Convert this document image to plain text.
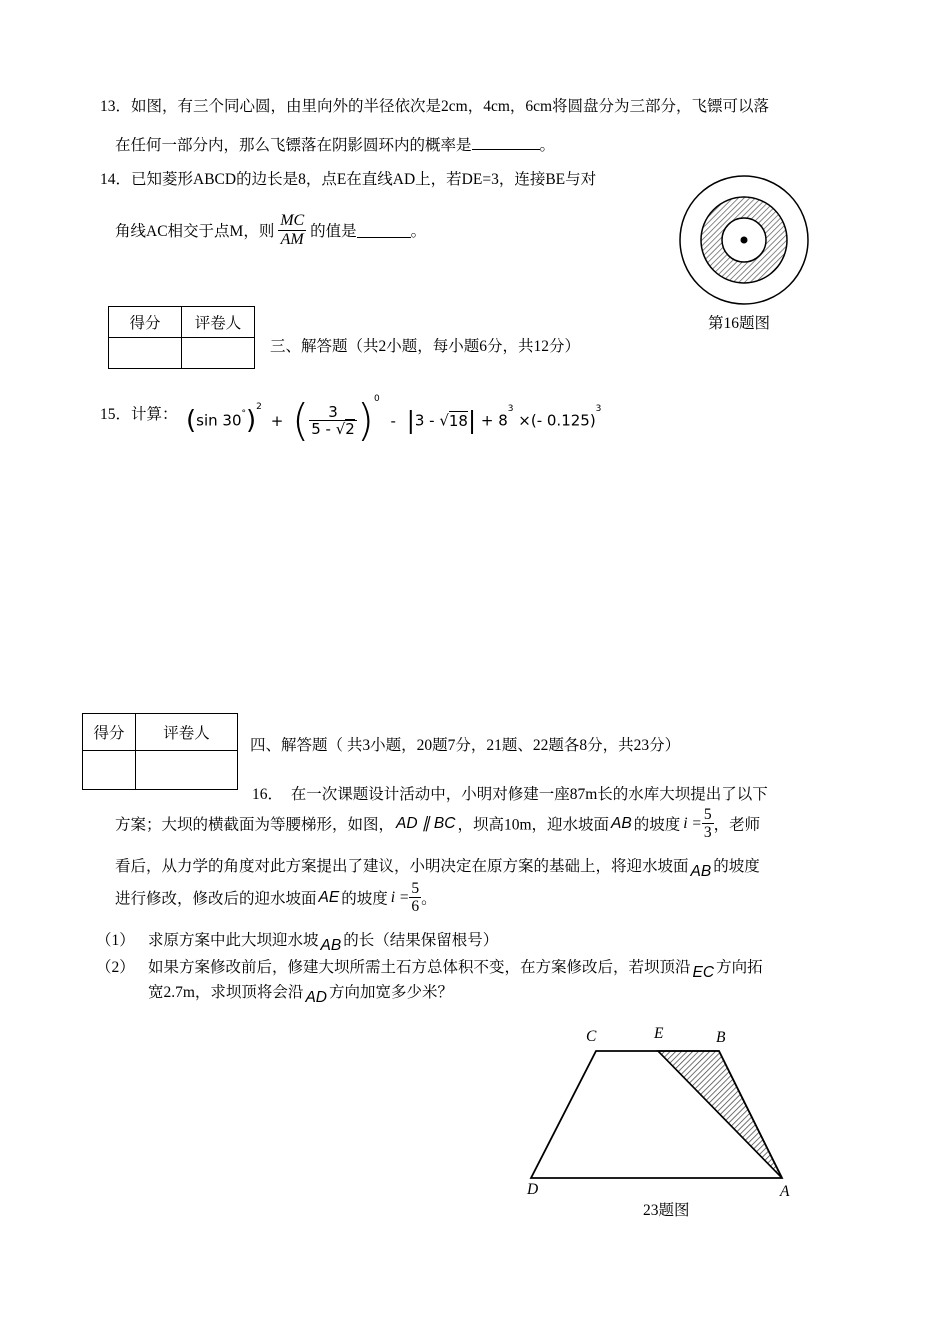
13．如图，有三个同心圆，由里向外的半径依次是2cm，4cm，6cm将圆盘分为三部分，飞镖可以落
在任何一部分内，那么飞镖落在阴影圆环内的概率是	。
14．已知菱形ABCD的边长是8，点E在直线AD上，若DE=3，连接BE与对
角线AC相交于点M，则 $\frac{MC}{AM}$ 的值是	。
第16题图
得分	评卷人

三、解答题（共2小题，每小题6分，共12分）
15．计算： (sin 30°)$^2$ + ( $\frac{3}{5 - √2} )^0 - |3 - √18| + 8^3$ ×(- 0.125)$^3$
得分	评卷人

四、解答题（ 共3小题，20题7分，21题、22题各8分，共23分）
16．　在一次课题设计活动中，小明对修建一座87m长的水库大坝提出了以下
方案；大坝的横截面为等腰梯形，如图， AD ∥ BC ，坝高10m，迎水坡面 AB 的坡度 $i = \frac{5}{3}$ ，老师
看后，从力学的角度对此方案提出了建议，小明决定在原方案的基础上，将迎水坡面 AB 的坡度
进行修改，修改后的迎水坡面 AE 的坡度 $i = \frac{5}{6}$ 。
（1） 求原方案中此大坝迎水坡 AB 的长（结果保留根号）
（2） 如果方案修改前后，修建大坝所需土石方总体积不变，在方案修改后，若坝顶沿 EC 方向拓
宽2.7m，求坝顶将会沿 AD 方向加宽多少米？
C	E	B
D	A
23题图
